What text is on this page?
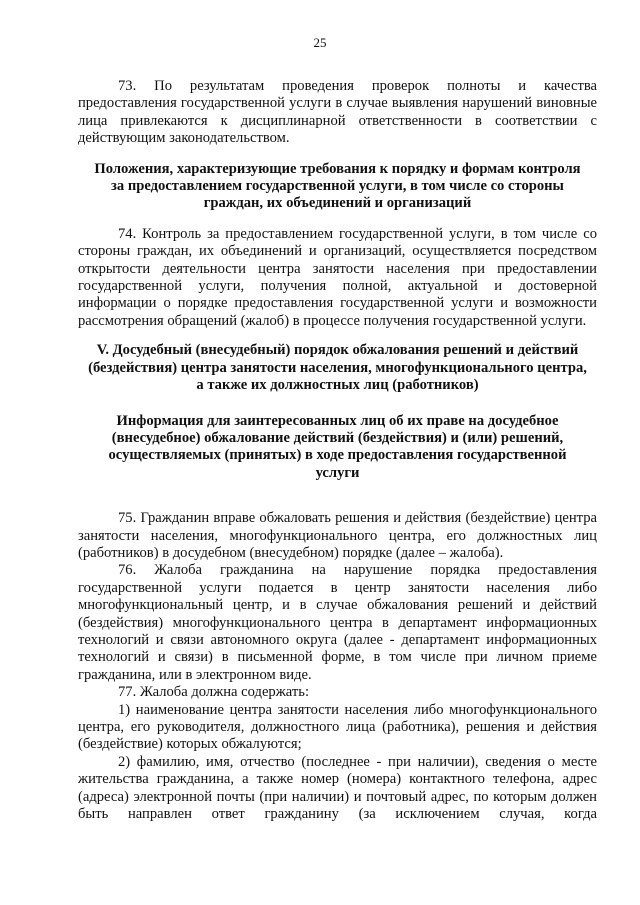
25

73. По результатам проведения проверок полноты и качества предоставления государственной услуги в случае выявления нарушений виновные лица привлекаются к дисциплинарной ответственности в соответствии с действующим законодательством.

Положения, характеризующие требования к порядку и формам контроля
за предоставлением государственной услуги, в том числе со стороны
граждан, их объединений и организаций

74. Контроль за предоставлением государственной услуги, в том числе со стороны граждан, их объединений и организаций, осуществляется посредством открытости деятельности центра занятости населения при предоставлении государственной услуги, получения полной, актуальной и достоверной информации о порядке предоставления государственной услуги и возможности рассмотрения обращений (жалоб) в процессе получения государственной услуги.

V. Досудебный (внесудебный) порядок обжалования решений и действий
(бездействия) центра занятости населения, многофункционального центра,
а также их должностных лиц (работников)

Информация для заинтересованных лиц об их праве на досудебное
(внесудебное) обжалование действий (бездействия) и (или) решений,
осуществляемых (принятых) в ходе предоставления государственной
услуги

75. Гражданин вправе обжаловать решения и действия (бездействие) центра занятости населения, многофункционального центра, его должностных лиц (работников) в досудебном (внесудебном) порядке (далее – жалоба).

76. Жалоба гражданина на нарушение порядка предоставления государственной услуги подается в центр занятости населения либо многофункциональный центр, и в случае обжалования решений и действий (бездействия) многофункционального центра в департамент информационных технологий и связи автономного округа (далее - департамент информационных технологий и связи) в письменной форме, в том числе при личном приеме гражданина, или в электронном виде.

77. Жалоба должна содержать:

1) наименование центра занятости населения либо многофункционального центра, его руководителя, должностного лица (работника), решения и действия (бездействие) которых обжалуются;

2) фамилию, имя, отчество (последнее - при наличии), сведения о месте жительства гражданина, а также номер (номера) контактного телефона, адрес (адреса) электронной почты (при наличии) и почтовый адрес, по которым должен быть направлен ответ гражданину (за исключением случая, когда
